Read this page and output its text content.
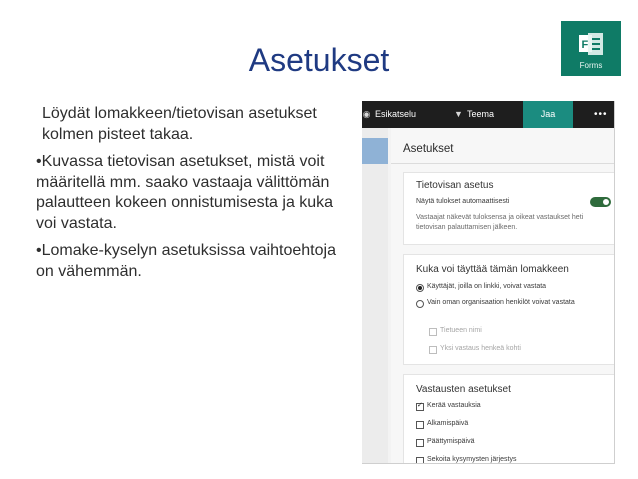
Asetukset	F
Forms

Löydät lomakkeen/tietovisan asetukset kolmen pisteet takaa.

•Kuvassa tietovisan asetukset, mistä voit määritellä mm. saako vastaaja välittömän palautteen kokeen onnistumisesta ja kuka voi vastata.

•Lomake-kyselyn asetuksissa vaihtoehtoja on vähemmän.

◉ Esikatselu	▼ Teema	Jaa	•••
Asetukset
Tietovisan asetus
Näytä tulokset automaattisesti
Vastaajat näkevät tuloksensa ja oikeat vastaukset heti tietovisan palauttamisen jälkeen.
Kuka voi täyttää tämän lomakkeen
Käyttäjät, joilla on linkki, voivat vastata
Vain oman organisaation henkilöt voivat vastata
Tietueen nimi
Yksi vastaus henkeä kohti
Vastausten asetukset
✓
Kerää vastauksia
Alkamispäivä
Päättymispäivä
Sekoita kysymysten järjestys
